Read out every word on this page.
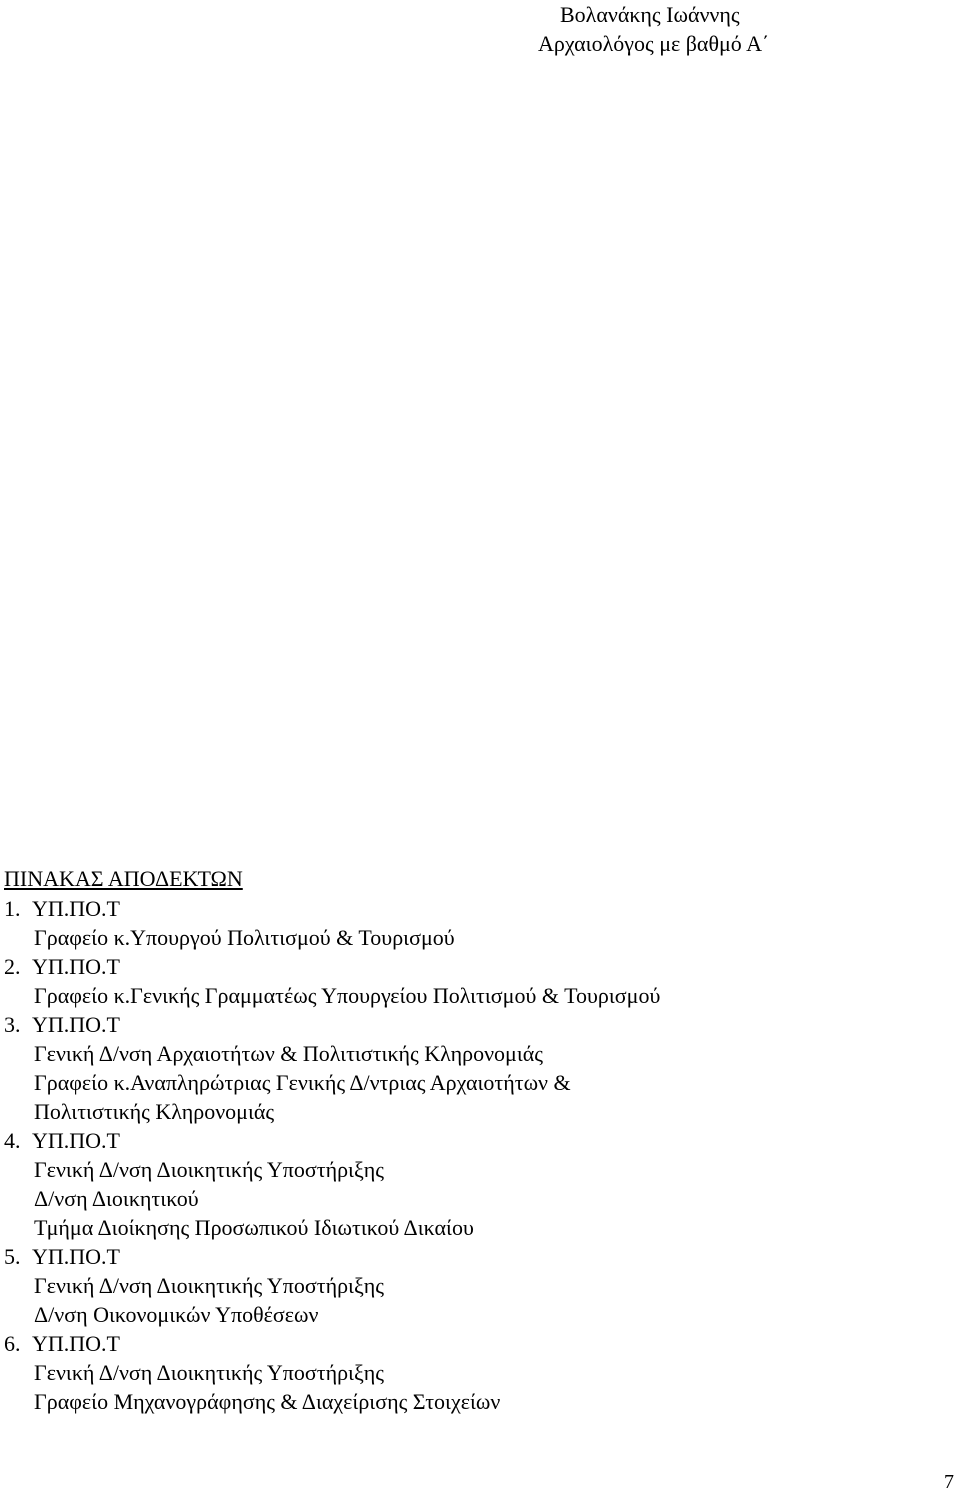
Βολανάκης Ιωάννης
Αρχαιολόγος με βαθμό Α΄
ΠΙΝΑΚΑΣ ΑΠΟΔΕΚΤΩΝ
1. ΥΠ.ΠΟ.Τ
Γραφείο κ.Υπουργού Πολιτισμού & Τουρισμού
2. ΥΠ.ΠΟ.Τ
Γραφείο κ.Γενικής Γραμματέως Υπουργείου Πολιτισμού & Τουρισμού
3. ΥΠ.ΠΟ.Τ
Γενική Δ/νση Αρχαιοτήτων & Πολιτιστικής Κληρονομιάς
Γραφείο κ.Αναπληρώτριας Γενικής Δ/ντριας Αρχαιοτήτων &
Πολιτιστικής Κληρονομιάς
4. ΥΠ.ΠΟ.Τ
Γενική Δ/νση Διοικητικής Υποστήριξης
Δ/νση Διοικητικού
Τμήμα Διοίκησης Προσωπικού Ιδιωτικού Δικαίου
5. ΥΠ.ΠΟ.Τ
Γενική Δ/νση Διοικητικής Υποστήριξης
Δ/νση Οικονομικών Υποθέσεων
6. ΥΠ.ΠΟ.Τ
Γενική Δ/νση Διοικητικής Υποστήριξης
Γραφείο Μηχανογράφησης & Διαχείρισης Στοιχείων
7
